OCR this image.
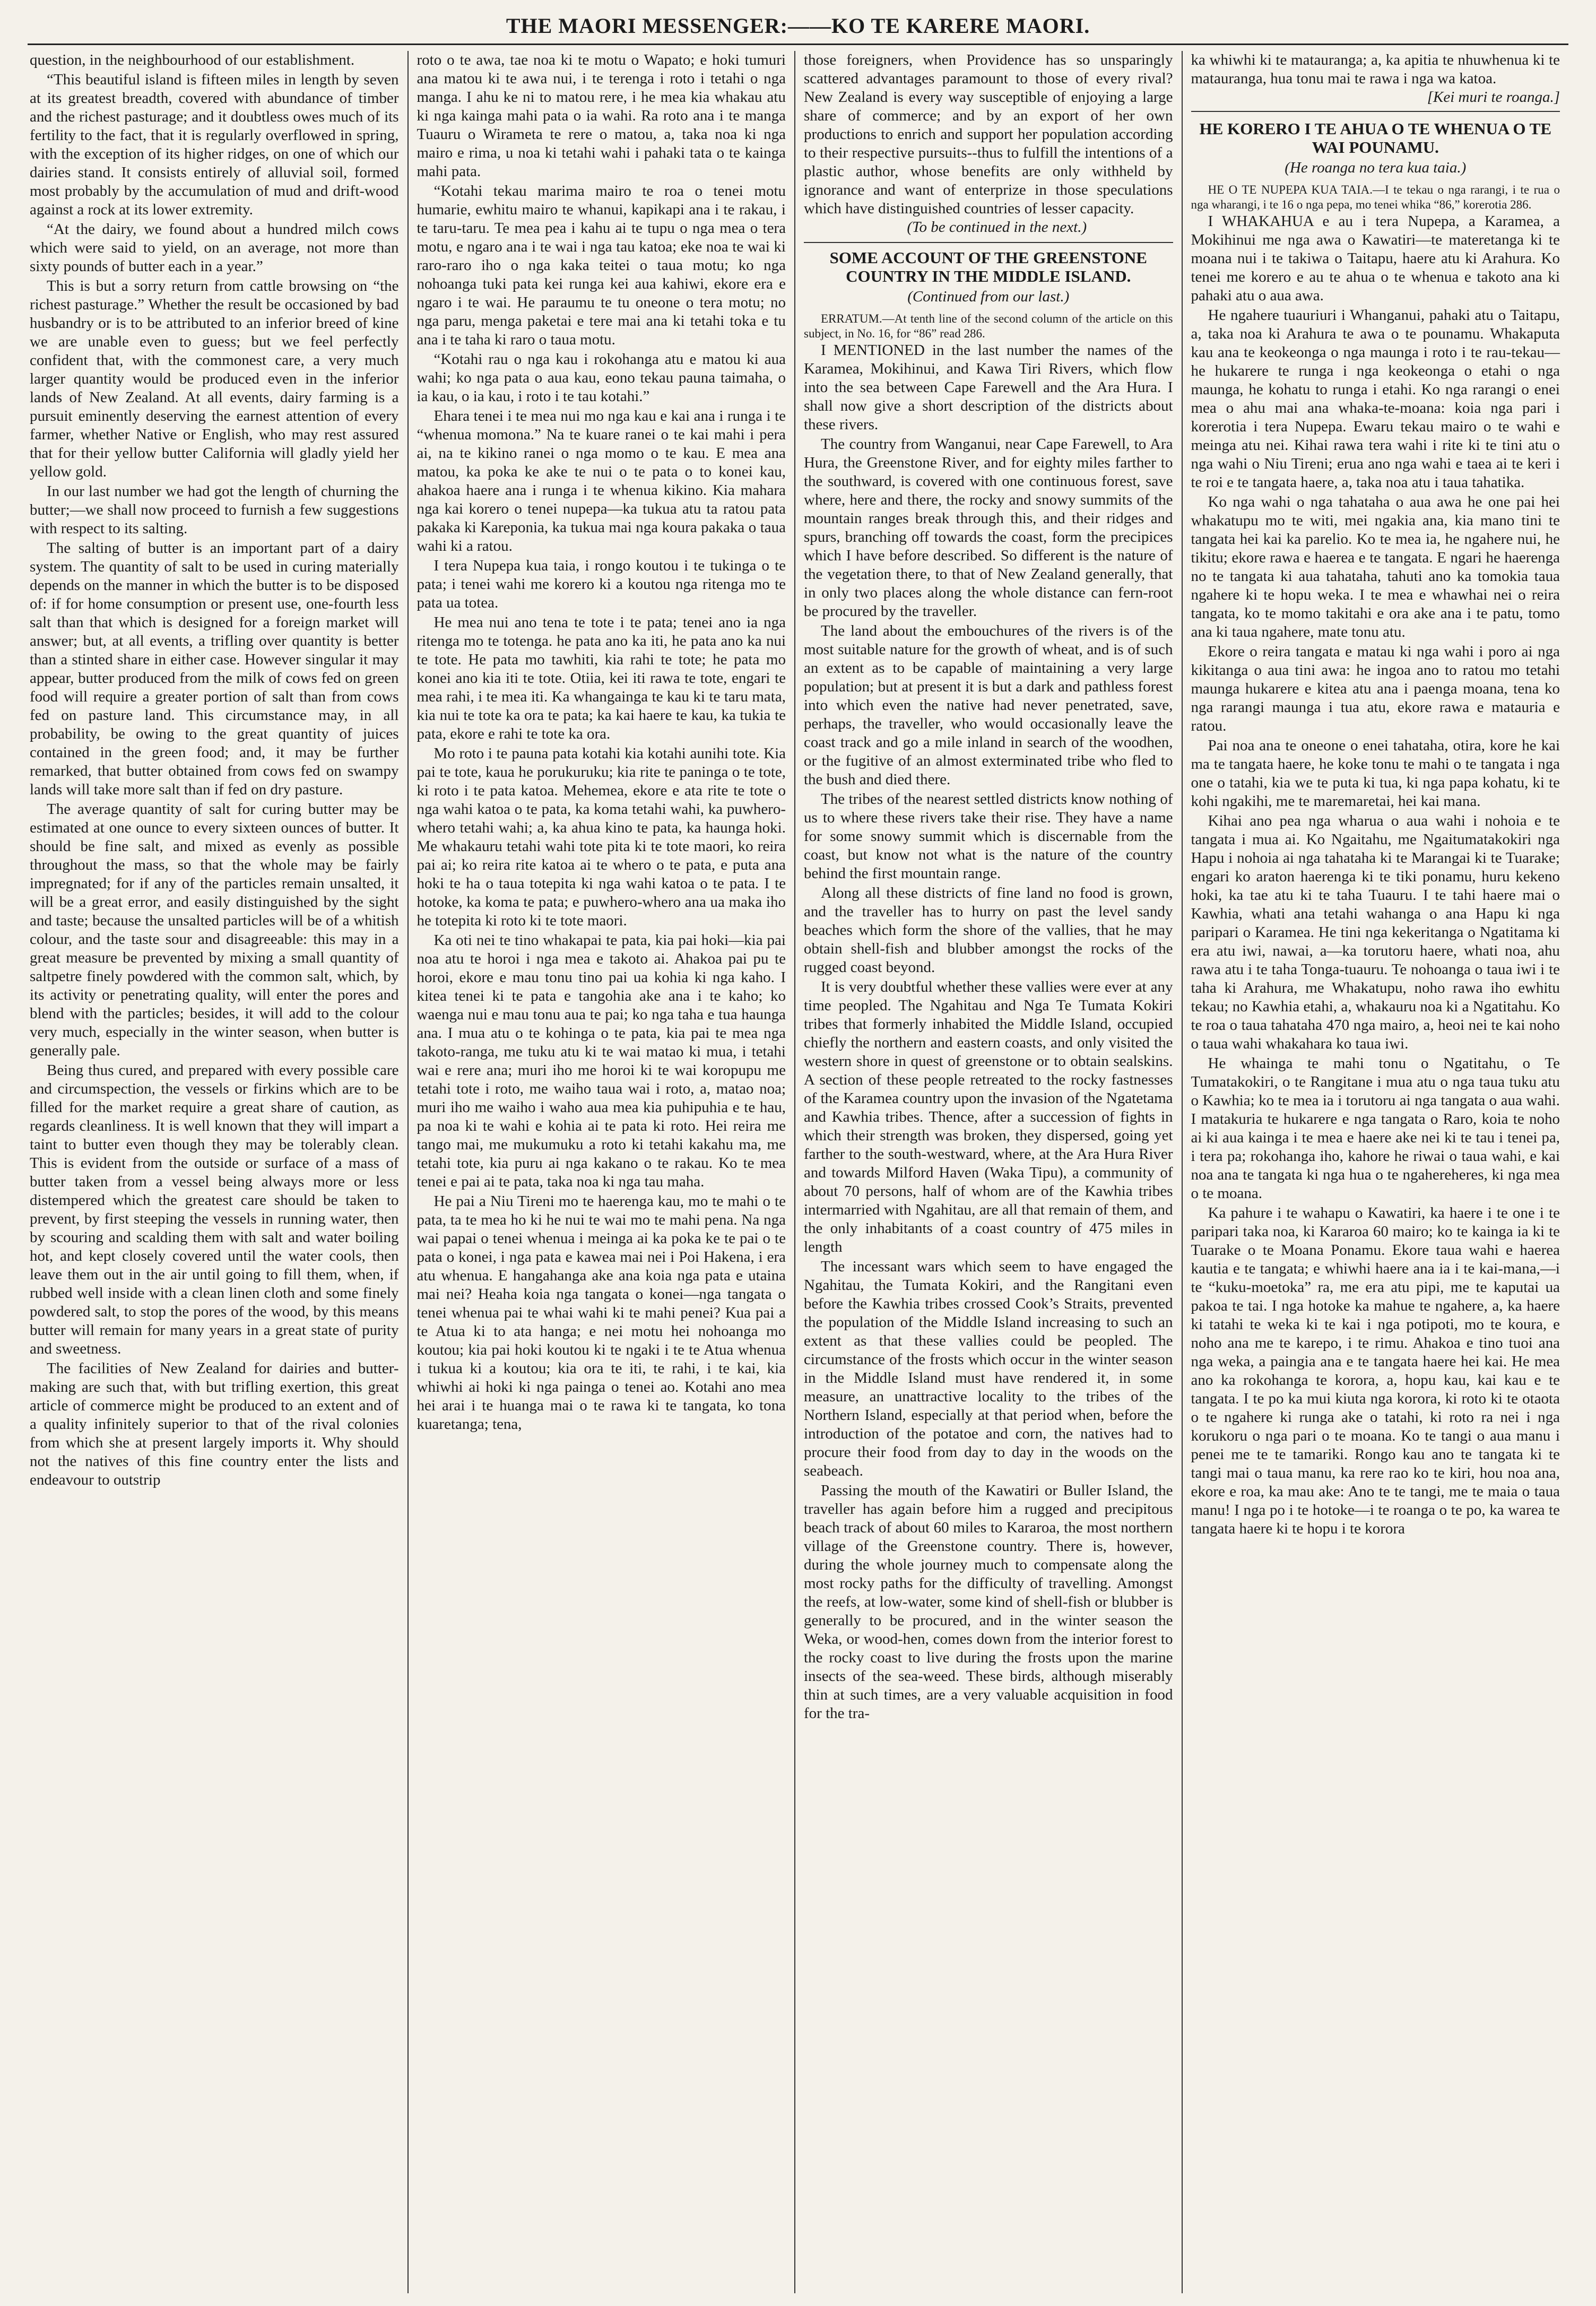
THE MAORI MESSENGER:——KO TE KARERE MAORI.

question, in the neighbourhood of our establishment.

“This beautiful island is fifteen miles in length by seven at its greatest breadth, covered with abundance of timber and the richest pasturage; and it doubtless owes much of its fertility to the fact, that it is regularly overflowed in spring, with the exception of its higher ridges, on one of which our dairies stand. It consists entirely of alluvial soil, formed most probably by the accumulation of mud and drift-wood against a rock at its lower extremity.

“At the dairy, we found about a hundred milch cows which were said to yield, on an average, not more than sixty pounds of butter each in a year.”

This is but a sorry return from cattle browsing on “the richest pasturage.” Whether the result be occasioned by bad husbandry or is to be attributed to an inferior breed of kine we are unable even to guess; but we feel perfectly confident that, with the commonest care, a very much larger quantity would be produced even in the inferior lands of New Zealand. At all events, dairy farming is a pursuit eminently deserving the earnest attention of every farmer, whether Native or English, who may rest assured that for their yellow butter California will gladly yield her yellow gold.

In our last number we had got the length of churning the butter;—we shall now proceed to furnish a few suggestions with respect to its salting.

The salting of butter is an important part of a dairy system. The quantity of salt to be used in curing materially depends on the manner in which the butter is to be disposed of: if for home consumption or present use, one-fourth less salt than that which is designed for a foreign market will answer; but, at all events, a trifling over quantity is better than a stinted share in either case. However singular it may appear, butter produced from the milk of cows fed on green food will require a greater portion of salt than from cows fed on pasture land. This circumstance may, in all probability, be owing to the great quantity of juices contained in the green food; and, it may be further remarked, that butter obtained from cows fed on swampy lands will take more salt than if fed on dry pasture.

The average quantity of salt for curing butter may be estimated at one ounce to every sixteen ounces of butter. It should be fine salt, and mixed as evenly as possible throughout the mass, so that the whole may be fairly impregnated; for if any of the particles remain unsalted, it will be a great error, and easily distinguished by the sight and taste; because the unsalted particles will be of a whitish colour, and the taste sour and disagreeable: this may in a great measure be prevented by mixing a small quantity of saltpetre finely powdered with the common salt, which, by its activity or penetrating quality, will enter the pores and blend with the particles; besides, it will add to the colour very much, especially in the winter season, when butter is generally pale.

Being thus cured, and prepared with every possible care and circumspection, the vessels or firkins which are to be filled for the market require a great share of caution, as regards cleanliness. It is well known that they will impart a taint to butter even though they may be tolerably clean. This is evident from the outside or surface of a mass of butter taken from a vessel being always more or less distempered which the greatest care should be taken to prevent, by first steeping the vessels in running water, then by scouring and scalding them with salt and water boiling hot, and kept closely covered until the water cools, then leave them out in the air until going to fill them, when, if rubbed well inside with a clean linen cloth and some finely powdered salt, to stop the pores of the wood, by this means butter will remain for many years in a great state of purity and sweetness.

The facilities of New Zealand for dairies and butter-making are such that, with but trifling exertion, this great article of commerce might be produced to an extent and of a quality infinitely superior to that of the rival colonies from which she at present largely imports it. Why should not the natives of this fine country enter the lists and endeavour to outstrip

roto o te awa, tae noa ki te motu o Wapato; e hoki tumuri ana matou ki te awa nui, i te terenga i roto i tetahi o nga manga. I ahu ke ni to matou rere, i he mea kia whakau atu ki nga kainga mahi pata o ia wahi. Ra roto ana i te manga Tuauru o Wirameta te rere o matou, a, taka noa ki nga mairo e rima, u noa ki tetahi wahi i pahaki tata o te kainga mahi pata.

“Kotahi tekau marima mairo te roa o tenei motu humarie, ewhitu mairo te whanui, kapikapi ana i te rakau, i te taru-taru. Te mea pea i kahu ai te tupu o nga mea o tera motu, e ngaro ana i te wai i nga tau katoa; eke noa te wai ki raro-raro iho o nga kaka teitei o taua motu; ko nga nohoanga tuki pata kei runga kei aua kahiwi, ekore era e ngaro i te wai. He paraumu te tu oneone o tera motu; no nga paru, menga paketai e tere mai ana ki tetahi toka e tu ana i te taha ki raro o taua motu.

“Kotahi rau o nga kau i rokohanga atu e matou ki aua wahi; ko nga pata o aua kau, eono tekau pauna taimaha, o ia kau, o ia kau, i roto i te tau kotahi.”

Ehara tenei i te mea nui mo nga kau e kai ana i runga i te “whenua momona.” Na te kuare ranei o te kai mahi i pera ai, na te kikino ranei o nga momo o te kau. E mea ana matou, ka poka ke ake te nui o te pata o to konei kau, ahakoa haere ana i runga i te whenua kikino. Kia mahara nga kai korero o tenei nupepa—ka tukua atu ta ratou pata pakaka ki Kareponia, ka tukua mai nga koura pakaka o taua wahi ki a ratou.

I tera Nupepa kua taia, i rongo koutou i te tukinga o te pata; i tenei wahi me korero ki a koutou nga ritenga mo te pata ua totea.

He mea nui ano tena te tote i te pata; tenei ano ia nga ritenga mo te totenga. he pata ano ka iti, he pata ano ka nui te tote. He pata mo tawhiti, kia rahi te tote; he pata mo konei ano kia iti te tote. Otiia, kei iti rawa te tote, engari te mea rahi, i te mea iti. Ka whangainga te kau ki te taru mata, kia nui te tote ka ora te pata; ka kai haere te kau, ka tukia te pata, ekore e rahi te tote ka ora.

Mo roto i te pauna pata kotahi kia kotahi aunihi tote. Kia pai te tote, kaua he porukuruku; kia rite te paninga o te tote, ki roto i te pata katoa. Mehemea, ekore e ata rite te tote o nga wahi katoa o te pata, ka koma tetahi wahi, ka puwhero-whero tetahi wahi; a, ka ahua kino te pata, ka haunga hoki. Me whakauru tetahi wahi tote pita ki te tote maori, ko reira pai ai; ko reira rite katoa ai te whero o te pata, e puta ana hoki te ha o taua totepita ki nga wahi katoa o te pata. I te hotoke, ka koma te pata; e puwhero-whero ana ua maka iho he totepita ki roto ki te tote maori.

Ka oti nei te tino whakapai te pata, kia pai hoki—kia pai noa atu te horoi i nga mea e takoto ai. Ahakoa pai pu te horoi, ekore e mau tonu tino pai ua kohia ki nga kaho. I kitea tenei ki te pata e tangohia ake ana i te kaho; ko waenga nui e mau tonu aua te pai; ko nga taha e tua haunga ana. I mua atu o te kohinga o te pata, kia pai te mea nga takoto-ranga, me tuku atu ki te wai matao ki mua, i tetahi wai e rere ana; muri iho me horoi ki te wai koropupu me tetahi tote i roto, me waiho taua wai i roto, a, matao noa; muri iho me waiho i waho aua mea kia puhipuhia e te hau, pa noa ki te wahi e kohia ai te pata ki roto. Hei reira me tango mai, me mukumuku a roto ki tetahi kakahu ma, me tetahi tote, kia puru ai nga kakano o te rakau. Ko te mea tenei e pai ai te pata, taka noa ki nga tau maha.

He pai a Niu Tireni mo te haerenga kau, mo te mahi o te pata, ta te mea ho ki he nui te wai mo te mahi pena. Na nga wai papai o tenei whenua i meinga ai ka poka ke te pai o te pata o konei, i nga pata e kawea mai nei i Poi Hakena, i era atu whenua. E hangahanga ake ana koia nga pata e utaina mai nei? Heaha koia nga tangata o konei—nga tangata o tenei whenua pai te whai wahi ki te mahi penei? Kua pai a te Atua ki to ata hanga; e nei motu hei nohoanga mo koutou; kia pai hoki koutou ki te ngaki i te te Atua whenua i tukua ki a koutou; kia ora te iti, te rahi, i te kai, kia whiwhi ai hoki ki nga painga o tenei ao. Kotahi ano mea hei arai i te huanga mai o te rawa ki te tangata, ko tona kuaretanga; tena,

those foreigners, when Providence has so unsparingly scattered advantages paramount to those of every rival? New Zealand is every way susceptible of enjoying a large share of commerce; and by an export of her own productions to enrich and support her population according to their respective pursuits--thus to fulfill the intentions of a plastic author, whose benefits are only withheld by ignorance and want of enterprize in those speculations which have distinguished countries of lesser capacity.

(To be continued in the next.)

SOME ACCOUNT OF THE GREENSTONE COUNTRY IN THE MIDDLE ISLAND.
(Continued from our last.)

ERRATUM.—At tenth line of the second column of the article on this subject, in No. 16, for “86” read 286.

I MENTIONED in the last number the names of the Karamea, Mokihinui, and Kawa Tiri Rivers, which flow into the sea between Cape Farewell and the Ara Hura. I shall now give a short description of the districts about these rivers.

The country from Wanganui, near Cape Farewell, to Ara Hura, the Greenstone River, and for eighty miles farther to the southward, is covered with one continuous forest, save where, here and there, the rocky and snowy summits of the mountain ranges break through this, and their ridges and spurs, branching off towards the coast, form the precipices which I have before described. So different is the nature of the vegetation there, to that of New Zealand generally, that in only two places along the whole distance can fern-root be procured by the traveller.

The land about the embouchures of the rivers is of the most suitable nature for the growth of wheat, and is of such an extent as to be capable of maintaining a very large population; but at present it is but a dark and pathless forest into which even the native had never penetrated, save, perhaps, the traveller, who would occasionally leave the coast track and go a mile inland in search of the woodhen, or the fugitive of an almost exterminated tribe who fled to the bush and died there.

The tribes of the nearest settled districts know nothing of us to where these rivers take their rise. They have a name for some snowy summit which is discernable from the coast, but know not what is the nature of the country behind the first mountain range.

Along all these districts of fine land no food is grown, and the traveller has to hurry on past the level sandy beaches which form the shore of the vallies, that he may obtain shell-fish and blubber amongst the rocks of the rugged coast beyond.

It is very doubtful whether these vallies were ever at any time peopled. The Ngahitau and Nga Te Tumata Kokiri tribes that formerly inhabited the Middle Island, occupied chiefly the northern and eastern coasts, and only visited the western shore in quest of greenstone or to obtain sealskins. A section of these people retreated to the rocky fastnesses of the Karamea country upon the invasion of the Ngatetama and Kawhia tribes. Thence, after a succession of fights in which their strength was broken, they dispersed, going yet farther to the south-westward, where, at the Ara Hura River and towards Milford Haven (Waka Tipu), a community of about 70 persons, half of whom are of the Kawhia tribes intermarried with Ngahitau, are all that remain of them, and the only inhabitants of a coast country of 475 miles in length

The incessant wars which seem to have engaged the Ngahitau, the Tumata Kokiri, and the Rangitani even before the Kawhia tribes crossed Cook’s Straits, prevented the population of the Middle Island increasing to such an extent as that these vallies could be peopled. The circumstance of the frosts which occur in the winter season in the Middle Island must have rendered it, in some measure, an unattractive locality to the tribes of the Northern Island, especially at that period when, before the introduction of the potatoe and corn, the natives had to procure their food from day to day in the woods on the seabeach.

Passing the mouth of the Kawatiri or Buller Island, the traveller has again before him a rugged and precipitous beach track of about 60 miles to Kararoa, the most northern village of the Greenstone country. There is, however, during the whole journey much to compensate along the most rocky paths for the difficulty of travelling. Amongst the reefs, at low-water, some kind of shell-fish or blubber is generally to be procured, and in the winter season the Weka, or wood-hen, comes down from the interior forest to the rocky coast to live during the frosts upon the marine insects of the sea-weed. These birds, although miserably thin at such times, are a very valuable acquisition in food for the tra-

ka whiwhi ki te matauranga; a, ka apitia te nhuwhenua ki te matauranga, hua tonu mai te rawa i nga wa katoa.

[Kei muri te roanga.]

HE KORERO I TE AHUA O TE WHENUA O TE WAI POUNAMU.
(He roanga no tera kua taia.)

HE O TE NUPEPA KUA TAIA.—I te tekau o nga rarangi, i te rua o nga wharangi, i te 16 o nga pepa, mo tenei whika “86,” korerotia 286.

I WHAKAHUA e au i tera Nupepa, a Karamea, a Mokihinui me nga awa o Kawatiri—te materetanga ki te moana nui i te takiwa o Taitapu, haere atu ki Arahura. Ko tenei me korero e au te ahua o te whenua e takoto ana ki pahaki atu o aua awa.

He ngahere tuauriuri i Whanganui, pahaki atu o Taitapu, a, taka noa ki Arahura te awa o te pounamu. Whakaputa kau ana te keokeonga o nga maunga i roto i te rau-tekau—he hukarere te runga i nga keokeonga o etahi o nga maunga, he kohatu to runga i etahi. Ko nga rarangi o enei mea o ahu mai ana whaka-te-moana: koia nga pari i korerotia i tera Nupepa. Ewaru tekau mairo o te wahi e meinga atu nei. Kihai rawa tera wahi i rite ki te tini atu o nga wahi o Niu Tireni; erua ano nga wahi e taea ai te keri i te roi e te tangata haere, a, taka noa atu i taua tahatika.

Ko nga wahi o nga tahataha o aua awa he one pai hei whakatupu mo te witi, mei ngakia ana, kia mano tini te tangata hei kai ka parelio. Ko te mea ia, he ngahere nui, he tikitu; ekore rawa e haerea e te tangata. E ngari he haerenga no te tangata ki aua tahataha, tahuti ano ka tomokia taua ngahere ki te hopu weka. I te mea e whawhai nei o reira tangata, ko te momo takitahi e ora ake ana i te patu, tomo ana ki taua ngahere, mate tonu atu.

Ekore o reira tangata e matau ki nga wahi i poro ai nga kikitanga o aua tini awa: he ingoa ano to ratou mo tetahi maunga hukarere e kitea atu ana i paenga moana, tena ko nga rarangi maunga i tua atu, ekore rawa e matauria e ratou.

Pai noa ana te oneone o enei tahataha, otira, kore he kai ma te tangata haere, he koke tonu te mahi o te tangata i nga one o tatahi, kia we te puta ki tua, ki nga papa kohatu, ki te kohi ngakihi, me te maremaretai, hei kai mana.

Kihai ano pea nga wharua o aua wahi i nohoia e te tangata i mua ai. Ko Ngaitahu, me Ngaitumatakokiri nga Hapu i nohoia ai nga tahataha ki te Marangai ki te Tuarake; engari ko araton haerenga ki te tiki ponamu, huru kekeno hoki, ka tae atu ki te taha Tuauru. I te tahi haere mai o Kawhia, whati ana tetahi wahanga o ana Hapu ki nga paripari o Karamea. He tini nga kekeritanga o Ngatitama ki era atu iwi, nawai, a—ka torutoru haere, whati noa, ahu rawa atu i te taha Tonga-tuauru. Te nohoanga o taua iwi i te taha ki Arahura, me Whakatupu, noho rawa iho ewhitu tekau; no Kawhia etahi, a, whakauru noa ki a Ngatitahu. Ko te roa o taua tahataha 470 nga mairo, a, heoi nei te kai noho o taua wahi whakahara ko taua iwi.

He whainga te mahi tonu o Ngatitahu, o Te Tumatakokiri, o te Rangitane i mua atu o nga taua tuku atu o Kawhia; ko te mea ia i torutoru ai nga tangata o aua wahi. I matakuria te hukarere e nga tangata o Raro, koia te noho ai ki aua kainga i te mea e haere ake nei ki te tau i tenei pa, i tera pa; rokohanga iho, kahore he riwai o taua wahi, e kai noa ana te tangata ki nga hua o te ngahereheres, ki nga mea o te moana.

Ka pahure i te wahapu o Kawatiri, ka haere i te one i te paripari taka noa, ki Kararoa 60 mairo; ko te kainga ia ki te Tuarake o te Moana Ponamu. Ekore taua wahi e haerea kautia e te tangata; e whiwhi haere ana ia i te kai-mana,—i te “kuku-moetoka” ra, me era atu pipi, me te kaputai ua pakoa te tai. I nga hotoke ka mahue te ngahere, a, ka haere ki tatahi te weka ki te kai i nga potipoti, mo te koura, e noho ana me te karepo, i te rimu. Ahakoa e tino tuoi ana nga weka, a paingia ana e te tangata haere hei kai. He mea ano ka rokohanga te korora, a, hopu kau, kai kau e te tangata. I te po ka mui kiuta nga korora, ki roto ki te otaota o te ngahere ki runga ake o tatahi, ki roto ra nei i nga korukoru o nga pari o te moana. Ko te tangi o aua manu i penei me te te tamariki. Rongo kau ano te tangata ki te tangi mai o taua manu, ka rere rao ko te kiri, hou noa ana, ekore e roa, ka mau ake: Ano te te tangi, me te maia o taua manu! I nga po i te hotoke—i te roanga o te po, ka warea te tangata haere ki te hopu i te korora
